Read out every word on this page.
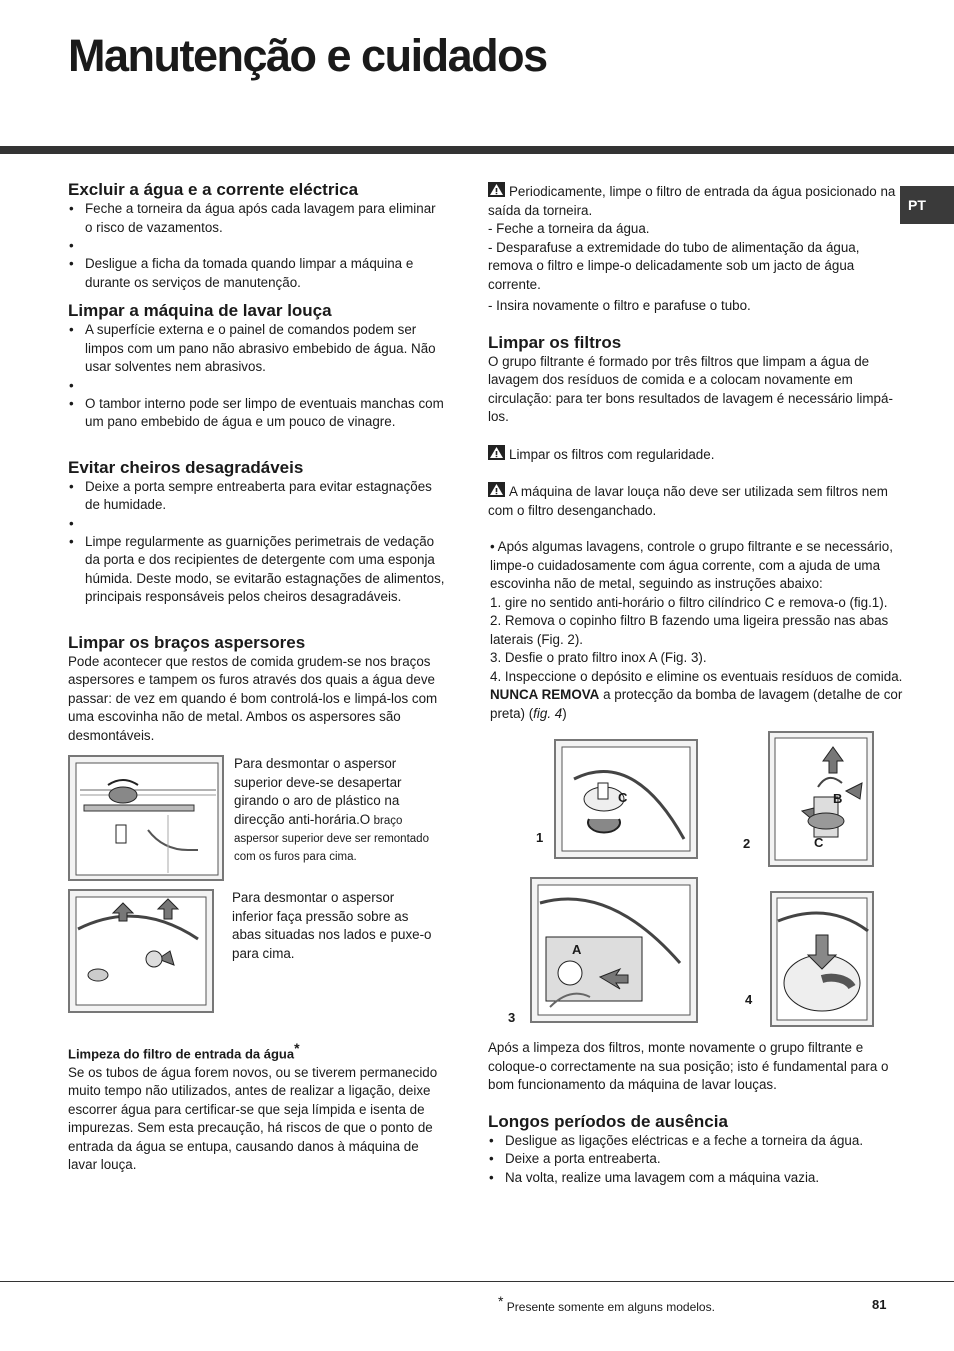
Manutenção e cuidados
PT
Excluir a água e a corrente eléctrica
• Feche a torneira da água após cada lavagem para eliminar o risco de vazamentos.
•
• Desligue a ficha da tomada quando limpar a máquina e durante os serviços de manutenção.
Limpar a máquina de lavar louça
• A superfície externa e o painel de comandos podem ser limpos com um pano não abrasivo embebido de água. Não usar solventes nem abrasivos.
•
• O tambor interno pode ser limpo de eventuais manchas com um pano embebido de água e um pouco de vinagre.
Evitar cheiros desagradáveis
• Deixe a porta sempre entreaberta para evitar estagnações de humidade.
•
• Limpe regularmente as guarnições perimetrais de vedação da porta e dos recipientes de detergente com uma esponja húmida. Deste modo, se evitarão estagnações de alimentos, principais responsáveis pelos cheiros desagradáveis.
Limpar os braços aspersores

Pode acontecer que restos de comida grudem-se nos braços aspersores e tampem os furos através dos quais a água deve passar: de vez em quando é bom controlá-los e limpá-los com uma escovinha não de metal. Ambos os aspersores são desmontáveis.

Para desmontar o aspersor superior deve-se desapertar girando o aro de plástico na direcção anti-horária.O braço aspersor superior deve ser remontado com os furos para cima.

Para desmontar o aspersor inferior faça pressão sobre as abas situadas nos lados e puxe-o para cima.

Limpeza do filtro de entrada da água*

Se os tubos de água forem novos, ou se tiverem permanecido muito tempo não utilizados, antes de realizar a ligação, deixe escorrer água para certificar-se que seja límpida e isenta de impurezas. Sem esta precaução, há riscos de que o ponto de entrada da água se entupa, causando danos à máquina de lavar louça.

Periodicamente, limpe o filtro de entrada da água posicionado na saída da torneira.

- Feche a torneira da água.

- Desparafuse a extremidade do tubo de alimentação da água, remova o filtro e limpe-o delicadamente sob um jacto de água corrente.

- Insira novamente o filtro e parafuse o tubo.

Limpar os filtros

O grupo filtrante é formado por três filtros que limpam a água de lavagem dos resíduos de comida e a colocam novamente em circulação: para ter bons resultados de lavagem é necessário limpá-los.

Limpar os filtros com regularidade.

A máquina de lavar louça não deve ser utilizada sem filtros nem com o filtro desenganchado.

• Após algumas lavagens, controle o grupo filtrante e se necessário, limpe-o cuidadosamente com água corrente, com a ajuda de uma escovinha não de metal, seguindo as instruções abaixo:

1. gire no sentido anti-horário o filtro cilíndrico C e remova-o (fig.1).

2. Remova o copinho filtro B fazendo uma ligeira pressão nas abas laterais (Fig. 2).

3. Desfie o prato filtro inox A (Fig. 3).

4. Inspeccione o depósito e elimine os eventuais resíduos de comida. NUNCA REMOVA a protecção da bomba de lavagem (detalhe de cor preta) (fig. 4)

C
1
B
C
2
A
3
4

Após a limpeza dos filtros, monte novamente o grupo filtrante e coloque-o correctamente na sua posição; isto é fundamental para o bom funcionamento da máquina de lavar louças.

Longos períodos de ausência
• Desligue as ligações eléctricas e a feche a torneira da água.
• Deixe a porta entreaberta.
• Na volta, realize uma lavagem com a máquina vazia.
* Presente somente em alguns modelos.	81
